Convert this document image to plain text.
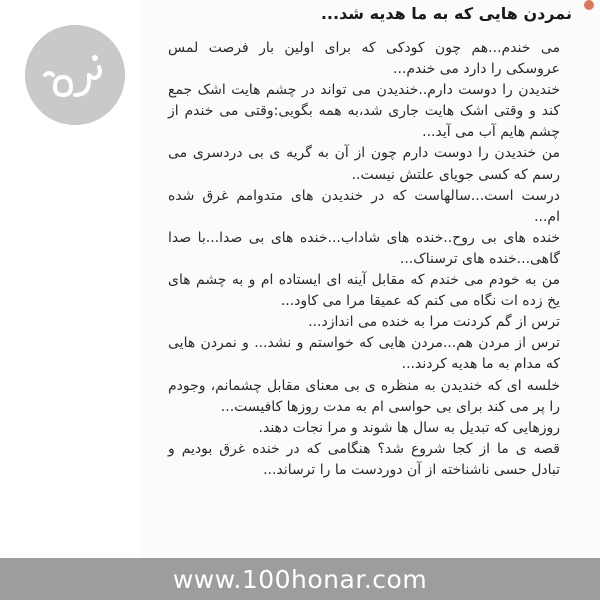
نمردن هایی که به ما هدیه شد...

می خندم...هم چون کودکی که برای اولین بار فرصت لمس عروسکی را دارد می خندم...

خندیدن را دوست دارم..خندیدن می تواند در چشم هایت اشک جمع کند و وقتی اشک هایت جاری شد،به همه بگویی:وقتی می خندم از چشم هایم آب می آید...

من خندیدن را دوست دارم چون از آن به گریه ی بی دردسری می رسم که کسی جویای علتش نیست..

درست است...سالهاست که در خندیدن های متدوامم غرق شده ام...

خنده های بی روح..خنده های شاداب...خنده های بی صدا...با صدا گاهی...خنده های ترسناک...

من به خودم می خندم که مقابل آینه ای ایستاده ام و به چشم های یخ زده ات نگاه می کنم که عمیقا مرا می کاود...

ترس از گم کردنت مرا به خنده می اندازد...

ترس از مردن هم...مردن هایی که خواستم و نشد... و نمردن هایی که مدام به ما هدیه کردند...

خلسه ای که خندیدن به منظره ی بی معنای مقابل چشمانم، وجودم را پر می کند برای بی حواسی ام به مدت روزها کافیست...

روزهایی که تبدیل به سال ها شوند و مرا نجات دهند.

قصه ی ما از کجا شروع شد؟ هنگامی که در خنده غرق بودیم و تبادل حسی ناشناخته از آن دوردست ما را ترساند...

www.100honar.com
